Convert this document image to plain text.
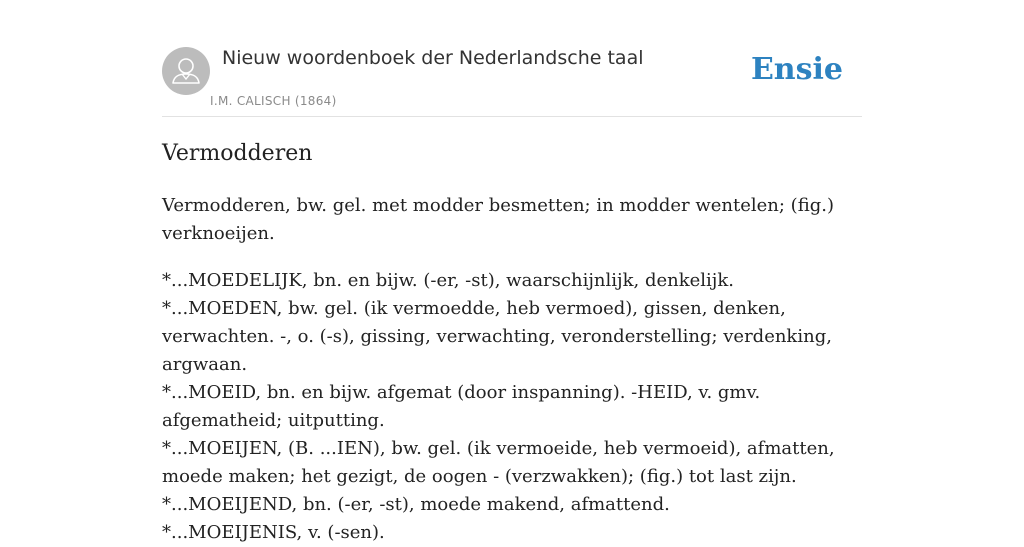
Nieuw woordenboek der Nederlandsche taal
I.M. CALISCH (1864)
Ensie
Vermodderen

Vermodderen, bw. gel. met modder besmetten; in modder wentelen; (fig.) verknoeijen.

*...MOEDELIJK, bn. en bijw. (-er, -st), waarschijnlijk, denkelijk.

*...MOEDEN, bw. gel. (ik vermoedde, heb vermoed), gissen, denken, verwachten. -, o. (-s), gissing, verwachting, veronderstelling; verdenking, argwaan.

*...MOEID, bn. en bijw. afgemat (door inspanning). -HEID, v. gmv. afgematheid; uitputting.

*...MOEIJEN, (B. ...IEN), bw. gel. (ik vermoeide, heb vermoeid), afmatten, moede maken; het gezigt, de oogen - (verzwakken); (fig.) tot last zijn.

*...MOEIJEND, bn. (-er, -st), moede makend, afmattend.

*...MOEIJENIS, v. (-sen).
